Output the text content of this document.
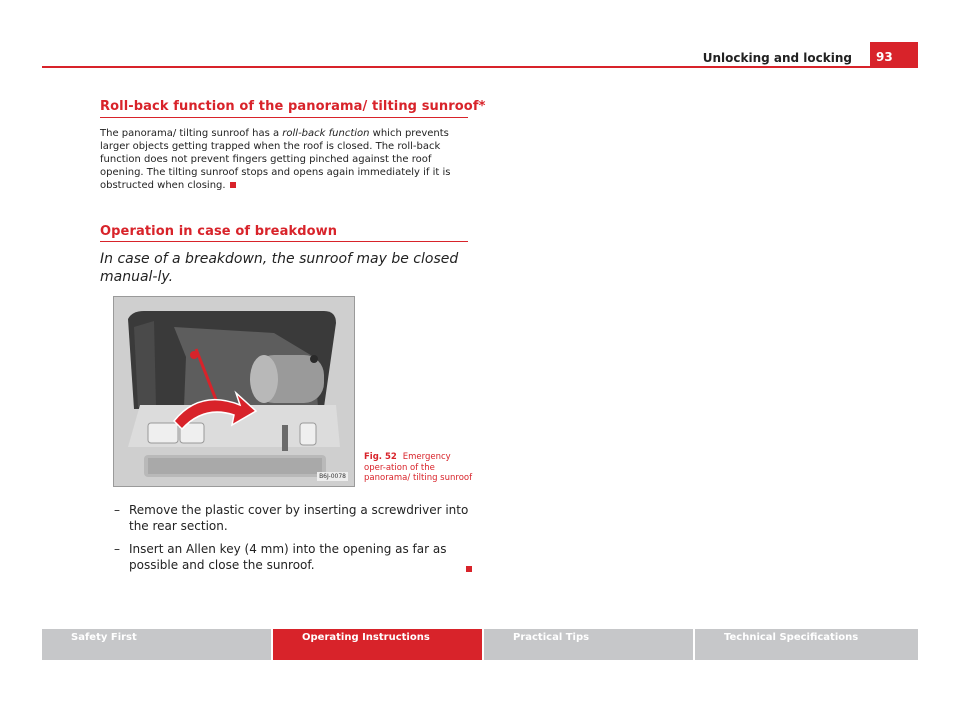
Unlocking and locking	93
Roll-back function of the panorama/ tilting sunroof*
The panorama/ tilting sunroof has a roll-back function which prevents larger objects getting trapped when the roof is closed. The roll-back function does not prevent fingers getting pinched against the roof opening. The tilting sunroof stops and opens again immediately if it is obstructed when closing.
Operation in case of breakdown
In case of a breakdown, the sunroof may be closed manual-ly.
B6J-0078
Fig. 52 Emergency oper-ation of the panorama/ tilting sunroof
– Remove the plastic cover by inserting a screwdriver into the rear section.
– Insert an Allen key (4 mm) into the opening as far as possible and close the sunroof.
Safety First	Operating Instructions	Practical Tips	Technical Specifications
